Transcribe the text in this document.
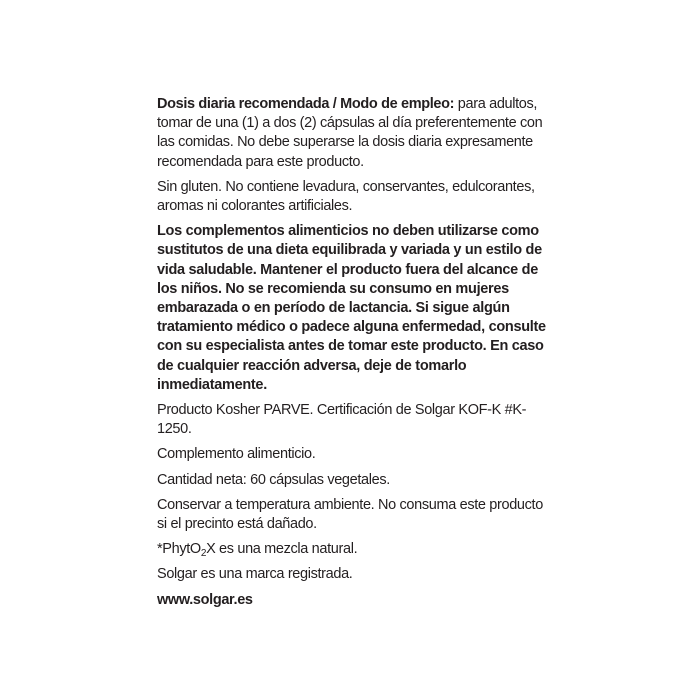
Dosis diaria recomendada / Modo de empleo: para adultos, tomar de una (1) a dos (2) cápsulas al día preferentemente con las comidas. No debe superarse la dosis diaria expresamente recomendada para este producto.

Sin gluten. No contiene levadura, conservantes, edulcorantes, aromas ni colorantes artificiales.

Los complementos alimenticios no deben utilizarse como sustitutos de una dieta equilibrada y variada y un estilo de vida saludable. Mantener el producto fuera del alcance de los niños. No se recomienda su consumo en mujeres embarazada o en período de lactancia. Si sigue algún tratamiento médico o padece alguna enfermedad, consulte con su especialista antes de tomar este producto. En caso de cualquier reacción adversa, deje de tomarlo inmediatamente.

Producto Kosher PARVE. Certificación de Solgar KOF-K #K-1250.

Complemento alimenticio.

Cantidad neta: 60 cápsulas vegetales.

Conservar a temperatura ambiente. No consuma este producto si el precinto está dañado.

*PhytO$_2$X es una mezcla natural.

Solgar es una marca registrada.

www.solgar.es
